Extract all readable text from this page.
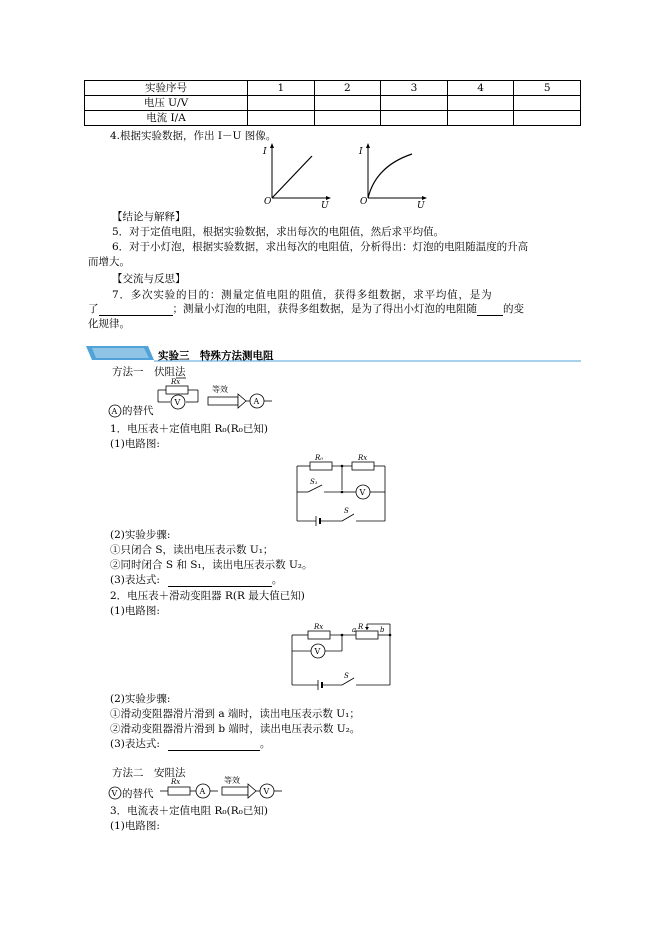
实验序号	1	2	3	4	5
电压 U/V					
电流 I/A					
4.根据实验数据，作出 I－U 图像。
I
O	U
I
O	U
【结论与解释】
5．对于定值电阻，根据实验数据，求出每次的电阻值，然后求平均值。
6．对于小灯泡，根据实验数据，求出每次的电阻值，分析得出：灯泡的电阻随温度的升高
而增大。
【交流与反思】
7．多次实验的目的：测量定值电阻的阻值，获得多组数据，求平均值，是为
了	；测量小灯泡的电阻，获得多组数据，是为了得出小灯泡的电阻随 的变
化规律。
实验三　特殊方法测电阻
方法一　伏阻法
Rx
V
等效
A
A 的替代
1．电压表＋定值电阻 R₀(R₀已知)
(1)电路图:
R₀	Rx
S₁
S
V
(2)实验步骤:
①只闭合 S，读出电压表示数 U₁；
②同时闭合 S 和 S₁，读出电压表示数 U₂。
(3)表达式:	。
2．电压表＋滑动变阻器 R(R 最大值已知)
(1)电路图:
Rx	R
a	b
S
V
(2)实验步骤:
①滑动变阻器滑片滑到 a 端时，读出电压表示数 U₁；
②滑动变阻器滑片滑到 b 端时，读出电压表示数 U₂。
(3)表达式:	。
方法二　安阻法
Rx
A
等效
V
V 的替代
3．电流表＋定值电阻 R₀(R₀已知)
(1)电路图:
